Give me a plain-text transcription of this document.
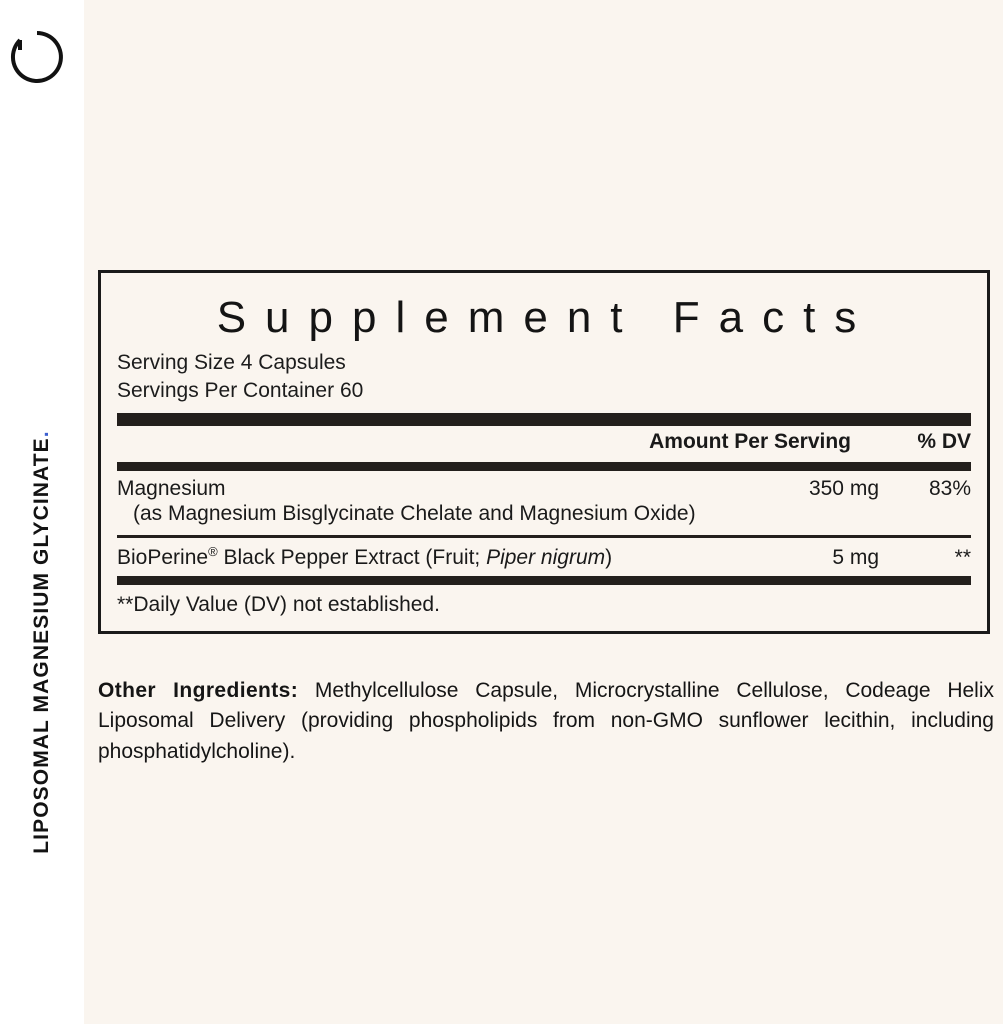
LIPOSOMAL MAGNESIUM GLYCINATE.
Supplement Facts
Serving Size 4 Capsules
Servings Per Container 60
Amount Per Serving	% DV
Magnesium	350 mg	83%
(as Magnesium Bisglycinate Chelate and Magnesium Oxide)
BioPerine® Black Pepper Extract (Fruit; Piper nigrum)	5 mg	**
**Daily Value (DV) not established.
Other Ingredients: Methylcellulose Capsule, Microcrystalline Cellulose, Codeage Helix Liposomal Delivery (providing phospholipids from non-GMO sunflower lecithin, including phosphatidylcholine).
